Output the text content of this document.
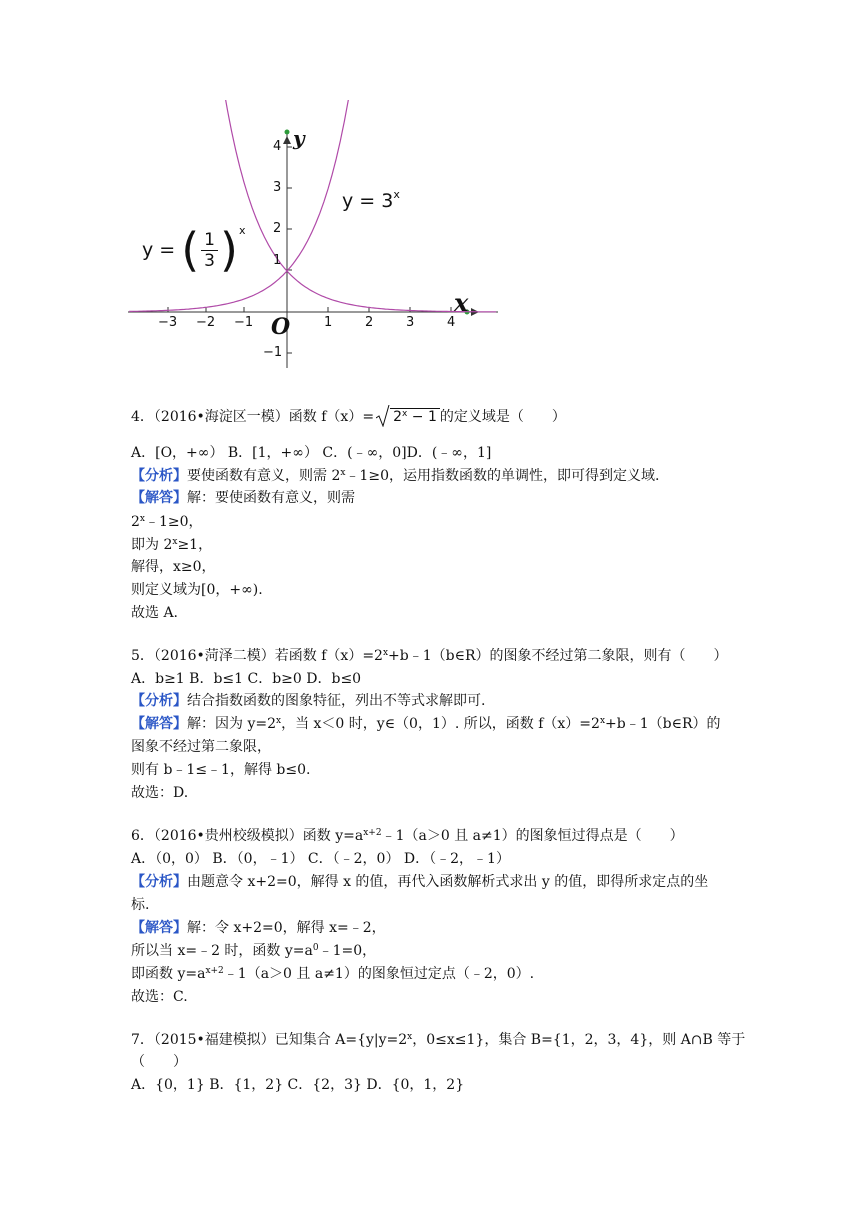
−3 −2 −1	1	2	3	4
4
3
2
1
−1
y
x
O
$y = 3^x$
y = ( $\frac{1}{3}$ ) x
4．（2016•海淀区一模）函数 $f(x)= 2^x - 1$ 的定义域是（　　）
A．[O，+∞） B．[1，+∞） C．(﹣∞，0]D．(﹣∞，1]
【分析】要使函数有意义，则需 $2^x﹣1\ge 0$，运用指数函数的单调性，即可得到定义域.
【解答】解：要使函数有意义，则需
$2^x﹣1\ge 0$，
即为 $2^x\ge 1$，
解得，x≥0，
则定义域为[0，+∞).
故选 A.
5．（2016•菏泽二模）若函数 $f(x)=2^x+b﹣1(b\in R)$的图象不经过第二象限，则有（　　）
A．b≥1 B．b≤1 C．b≥0 D．b≤0
【分析】结合指数函数的图象特征，列出不等式求解即可.
【解答】解：因为 $y=2^x$，当 x＜0 时，y∈（0，1）. 所以，函数 $f(x)=2^x+b﹣1(b\in R)$的
图象不经过第二象限，
则有 b﹣1≤﹣1，解得 b≤0.
故选：D.
6．（2016•贵州校级模拟）函数 $y=a^{x+2}﹣1(a>0$ 且 a≠1）的图象恒过得点是（　　）
A．（0，0） B．（0，﹣1） C．（﹣2，0） D．（﹣2，﹣1）
【分析】由题意令 x+2=0，解得 x 的值，再代入函数解析式求出 y 的值，即得所求定点的坐
标.
【解答】解：令 x+2=0，解得 x=﹣2，
所以当 x=﹣2 时，函数 $y=a^0﹣1=0$，
即函数 $y=a^{x+2}﹣1(a>0$ 且 a≠1）的图象恒过定点（﹣2，0）.
故选：C.
7．（2015•福建模拟）已知集合 $A=\{y|y=2^x$，0≤x≤1}，集合 B={1，2，3，4}，则 A∩B 等于
（　　）
A．{0，1} B．{1，2} C．{2，3} D．{0，1，2}
